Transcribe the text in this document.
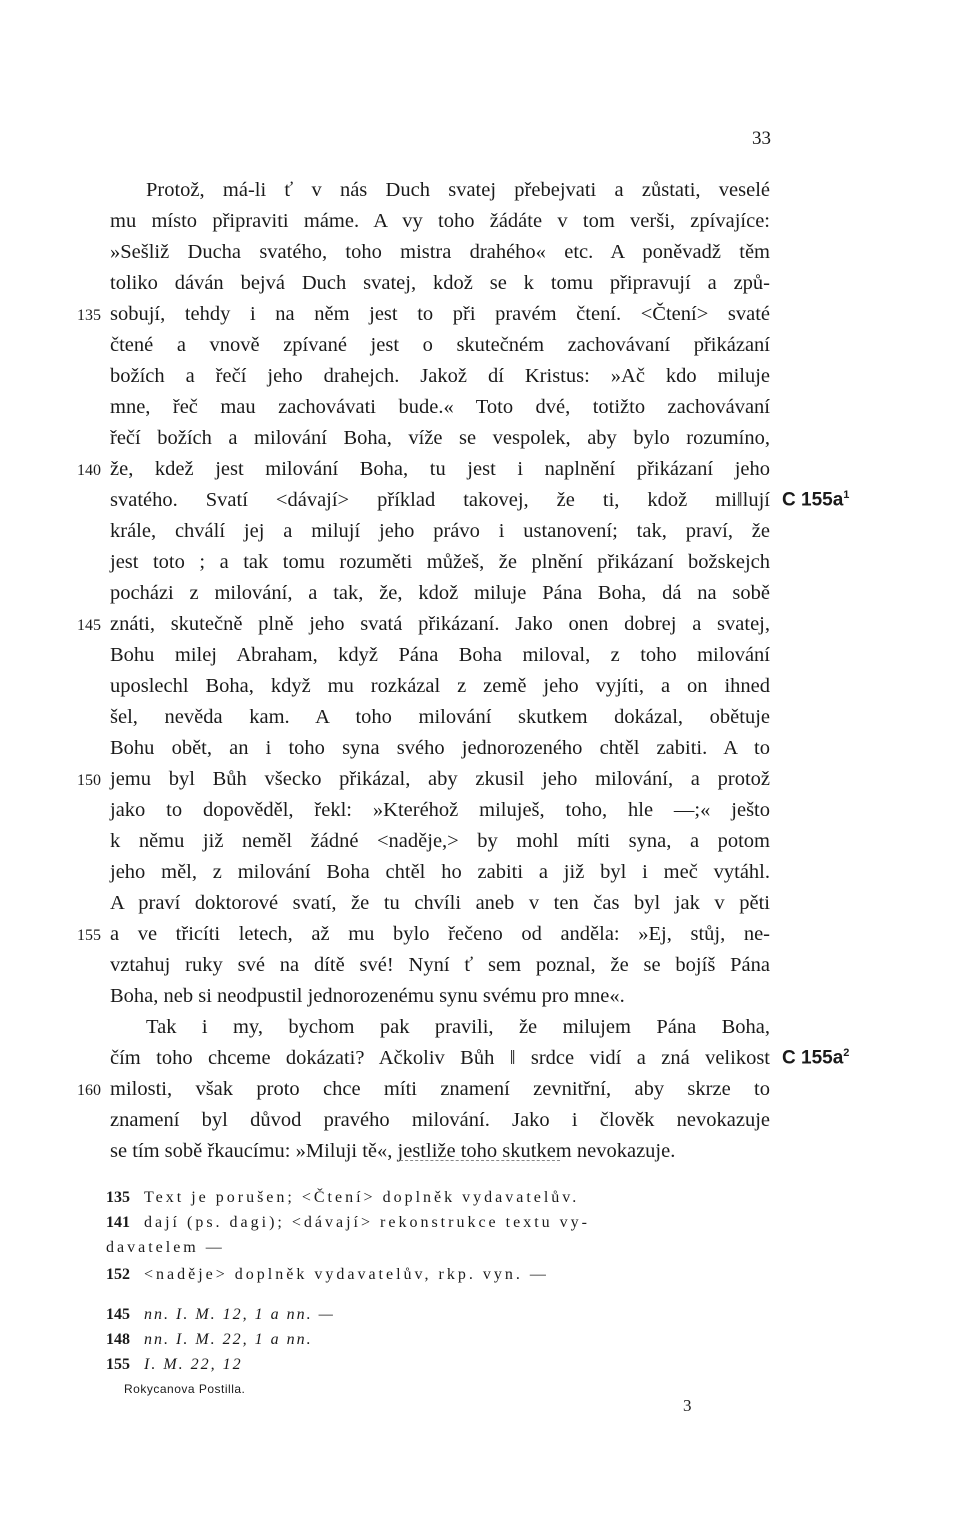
33
Protož, má-li ť v nás Duch svatej přebejvati a zůstati, veselé
mu místo připraviti máme. A vy toho žádáte v tom verši, zpívajíce:
»Sešliž Ducha svatého, toho mistra drahého« etc. A poněvadž těm
toliko dáván bejvá Duch svatej, kdož se k tomu připravují a způ-
135 sobují, tehdy i na něm jest to při pravém čtení. <Čtení> svaté
čtené a vnově zpívané jest o skutečném zachovávaní přikázaní
božích a řečí jeho drahejch. Jakož dí Kristus: »Ač kdo miluje
mne, řeč mau zachovávati bude.« Toto dvé, totižto zachovávaní
řečí božích a milování Boha, víže se vespolek, aby bylo rozumíno,
140 že, kdež jest milování Boha, tu jest i naplnění přikázaní jeho
svatého. Svatí <dávají> příklad takovej, že ti, kdož mi‖lují
krále, chválí jej a milují jeho právo i ustanovení; tak, praví, že
jest toto ; a tak tomu rozuměti můžeš, že plnění přikázaní božskejch
pocházi z milování, a tak, že, kdož miluje Pána Boha, dá na sobě
145 znáti, skutečně plně jeho svatá přikázaní. Jako onen dobrej a svatej,
Bohu milej Abraham, když Pána Boha miloval, z toho milování
uposlechl Boha, když mu rozkázal z země jeho vyjíti, a on ihned
šel, nevěda kam. A toho milování skutkem dokázal, obětuje
Bohu obět, an i toho syna svého jednorozeného chtěl zabiti. A to
150 jemu byl Bůh všecko přikázal, aby zkusil jeho milování, a protož
jako to dopověděl, řekl: »Kteréhož miluješ, toho, hle —;« ješto
k němu již neměl žádné <naděje,> by mohl míti syna, a potom
jeho měl, z milování Boha chtěl ho zabiti a již byl i meč vytáhl.
A praví doktorové svatí, že tu chvíli aneb v ten čas byl jak v pěti
155 a ve třicíti letech, až mu bylo řečeno od anděla: »Ej, stůj, ne-
vztahuj ruky své na dítě své! Nyní ť sem poznal, že se bojíš Pána
Boha, neb si neodpustil jednorozenému synu svému pro mne«.
Tak i my, bychom pak pravili, že milujem Pána Boha,
čím toho chceme dokázati? Ačkoliv Bůh ‖ srdce vidí a zná velikost
160 milosti, však proto chce míti znamení zevnitřní, aby skrze to
znamení byl důvod pravého milování. Jako i člověk nevokazuje
se tím sobě řkaucímu: »Miluji tě«, jestliže toho skutkem nevokazuje.
C $155a^1$
C $155a^2$
135 Text je porušen; <Čtení> doplněk vydavatelův.
141 dají (ps. dagi); <dávají> rekonstrukce textu vy-
davatelem —
152 <naděje> doplněk vydavatelův, rkp. vyn. —
145 nn. I. M. 12, 1 a nn. —
148 nn. I. M. 22, 1 a nn.
155 I. M. 22, 12
Rokycanova Postilla.
3
